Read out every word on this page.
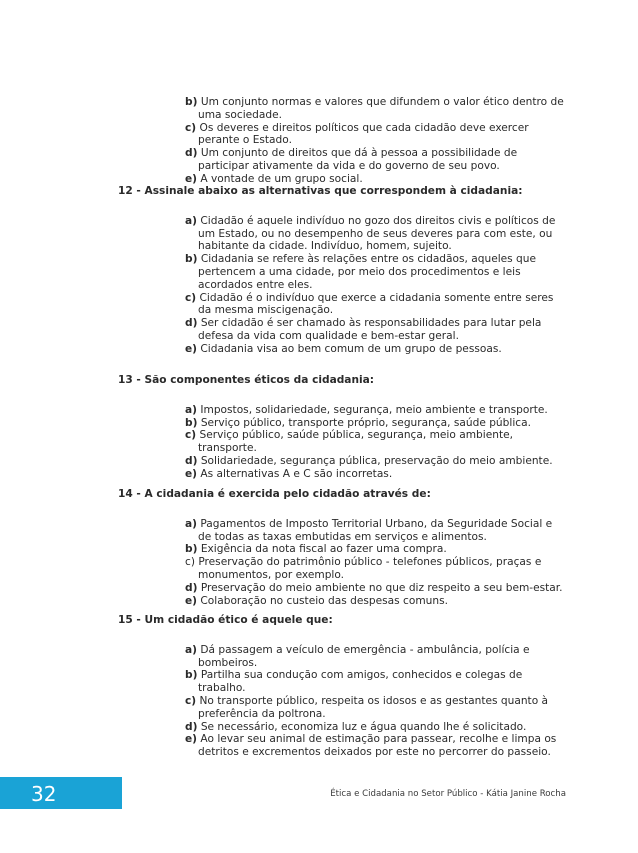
b) Um conjunto normas e valores que difundem o valor ético dentro de uma sociedade.
c) Os deveres e direitos políticos que cada cidadão deve exercer perante o Estado.
d) Um conjunto de direitos que dá à pessoa a possibilidade de participar ativamente da vida e do governo de seu povo.
e) A vontade de um grupo social.
12 - Assinale abaixo as alternativas que correspondem à cidadania:
a) Cidadão é aquele indivíduo no gozo dos direitos civis e políticos de um Estado, ou no desempenho de seus deveres para com este, ou habitante da cidade. Indivíduo, homem, sujeito.
b) Cidadania se refere às relações entre os cidadãos, aqueles que pertencem a uma cidade, por meio dos procedimentos e leis acordados entre eles.
c) Cidadão é o indivíduo que exerce a cidadania somente entre seres da mesma miscigenação.
d) Ser cidadão é ser chamado às responsabilidades para lutar pela defesa da vida com qualidade e bem-estar geral.
e) Cidadania visa ao bem comum de um grupo de pessoas.
13 - São componentes éticos da cidadania:
a) Impostos, solidariedade, segurança, meio ambiente e transporte.
b) Serviço público, transporte próprio, segurança, saúde pública.
c) Serviço público, saúde pública, segurança, meio ambiente, transporte.
d) Solidariedade, segurança pública, preservação do meio ambiente.
e) As alternativas A e C são incorretas.
14 - A cidadania é exercida pelo cidadão através de:
a) Pagamentos de Imposto Territorial Urbano, da Seguridade Social e de todas as taxas embutidas em serviços e alimentos.
b) Exigência da nota fiscal ao fazer uma compra.
c) Preservação do patrimônio público - telefones públicos, praças e monumentos, por exemplo.
d) Preservação do meio ambiente no que diz respeito a seu bem-estar.
e) Colaboração no custeio das despesas comuns.
15 - Um cidadão ético é aquele que:
a) Dá passagem a veículo de emergência - ambulância, polícia e bombeiros.
b) Partilha sua condução com amigos, conhecidos e colegas de trabalho.
c) No transporte público, respeita os idosos e as gestantes quanto à preferência da poltrona.
d) Se necessário, economiza luz e água quando lhe é solicitado.
e) Ao levar seu animal de estimação para passear, recolhe e limpa os detritos e excrementos deixados por este no percorrer do passeio.
32	Ética e Cidadania no Setor Público - Kátia Janine Rocha
